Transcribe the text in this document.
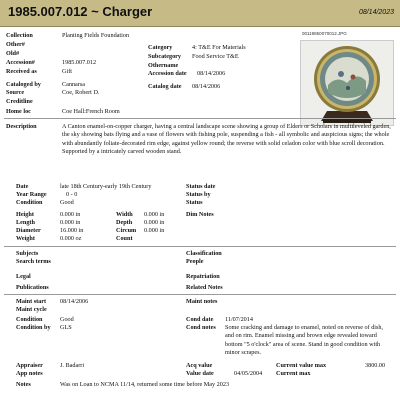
1985.007.012 ~ Charger	08/14/2023
Collection	Planting Fields Foundation
Other#
Old#
Accession#	1985.007.012
Received as	Gift
Cataloged by	Cannarsa
Source	Coe, Robert D.
Creditline
Home loc	Coe Hall:French Room
Category	4: T&E For Materials
Subcategory Food Service T&E
Othername
Accession date 08/14/2006
Catalog date 08/14/2006
00119850070012.JPG
Description	A Canton enamel-on-copper charger, having a central landscape scene showing a group of Elders or Scholars in multileveled garden, the sky showing bats flying and a vase of flowers with fishing pole, suspending a fish - all symbolic and auspicious signs; the whole with abundantly foliate-decorated rim edge, against yellow round; the reverse with solid celadon color with blue scroll decoration. Supported by a intricately carved wooden stand.
Date	late 18th Century-early 19th Century
Year Range	0 - 0
Condition	Good
Status date
Status by
Status
Height	0.000 in
Length	0.000 in
Diameter	16.000 in
Weight	0.000 oz
Width 0.000 in
Depth 0.000 in
Circum 0.000 in
Count
Dim Notes
Subjects
Search terms
Classification
People
Legal
Publications
Repatriation
Related Notes
Maint start 08/14/2006
Maint cycle
Condition	Good
Condition by GLS
Maint notes
Cond date 11/07/2014
Cond notes Some cracking and damage to enamel, noted on reverse of dish, and on rim. Enamel missing and brown edge revealed toward bottom "5 o'clock" area of scene. Stand in good condition with minor scrapes.
Appraiser	J. Badarri
App notes
Acq value
Value date	04/05/2004
Current value max	3800.00
Current max
Notes	Was on Loan to NCMA 11/14, returned some time before May 2023
